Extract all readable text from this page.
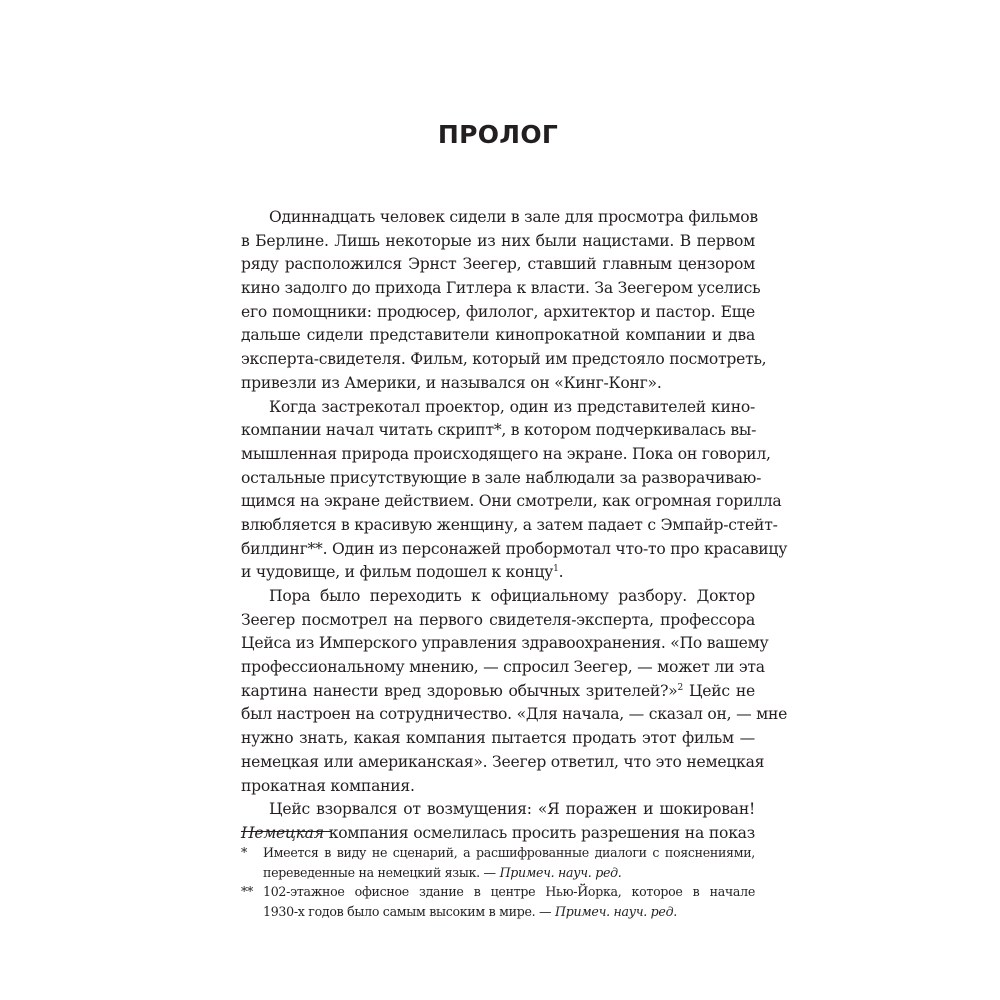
ПРОЛОГ
Одиннадцать человек сидели в зале для просмотра фильмов
в Берлине. Лишь некоторые из них были нацистами. В первом
ряду расположился Эрнст Зеегер, ставший главным цензором
кино задолго до прихода Гитлера к власти. За Зеегером уселись
его помощники: продюсер, филолог, архитектор и пастор. Еще
дальше сидели представители кинопрокатной компании и два
эксперта-свидетеля. Фильм, который им предстояло посмотреть,
привезли из Америки, и назывался он «Кинг-Конг».
Когда застрекотал проектор, один из представителей кино-
компании начал читать скрипт*, в котором подчеркивалась вы-
мышленная природа происходящего на экране. Пока он говорил,
остальные присутствующие в зале наблюдали за разворачиваю-
щимся на экране действием. Они смотрели, как огромная горилла
влюбляется в красивую женщину, а затем падает с Эмпайр-стейт-
билдинг**. Один из персонажей пробормотал что-то про красавицу
и чудовище, и фильм подошел к концу$^1$.
Пора было переходить к официальному разбору. Доктор
Зеегер посмотрел на первого свидетеля-эксперта, профессора
Цейса из Имперского управления здравоохранения. «По вашему
профессиональному мнению, — спросил Зеегер, — может ли эта
картина нанести вред здоровью обычных зрителей?»$^2$ Цейс не
был настроен на сотрудничество. «Для начала, — сказал он, — мне
нужно знать, какая компания пытается продать этот фильм —
немецкая или американская». Зеегер ответил, что это немецкая
прокатная компания.
Цейс взорвался от возмущения: «Я поражен и шокирован!
Немецкая компания осмелилась просить разрешения на показ
* Имеется в виду не сценарий, а расшифрованные диалоги с пояснениями,
переведенные на немецкий язык. — Примеч. науч. ред.
** 102-этажное офисное здание в центре Нью-Йорка, которое в начале
1930-х годов было самым высоким в мире. — Примеч. науч. ред.
